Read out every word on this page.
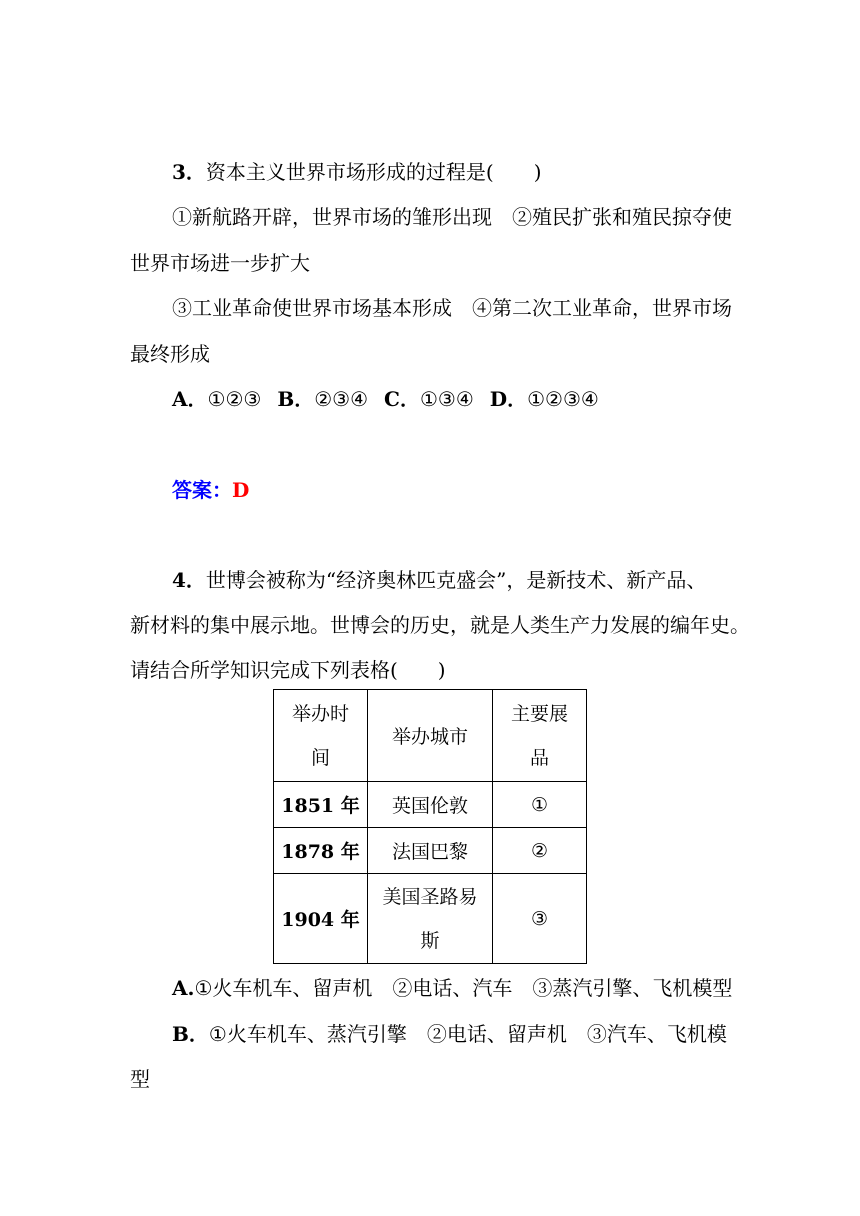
3．资本主义世界市场形成的过程是(　　)
①新航路开辟，世界市场的雏形出现　②殖民扩张和殖民掠夺使
世界市场进一步扩大
③工业革命使世界市场基本形成　④第二次工业革命，世界市场
最终形成
A．①②③ B．②③④ C．①③④ D．①②③④
答案：D
4．世博会被称为“经济奥林匹克盛会”，是新技术、新产品、
新材料的集中展示地。世博会的历史，就是人类生产力发展的编年史。
请结合所学知识完成下列表格(　　)
举办时间	举办城市	主要展品

1851 年	英国伦敦	①
1878 年	法国巴黎	②
1904 年	美国圣路易斯	③
A.①火车机车、留声机　②电话、汽车　③蒸汽引擎、飞机模型
B．①火车机车、蒸汽引擎　②电话、留声机　③汽车、飞机模
型
